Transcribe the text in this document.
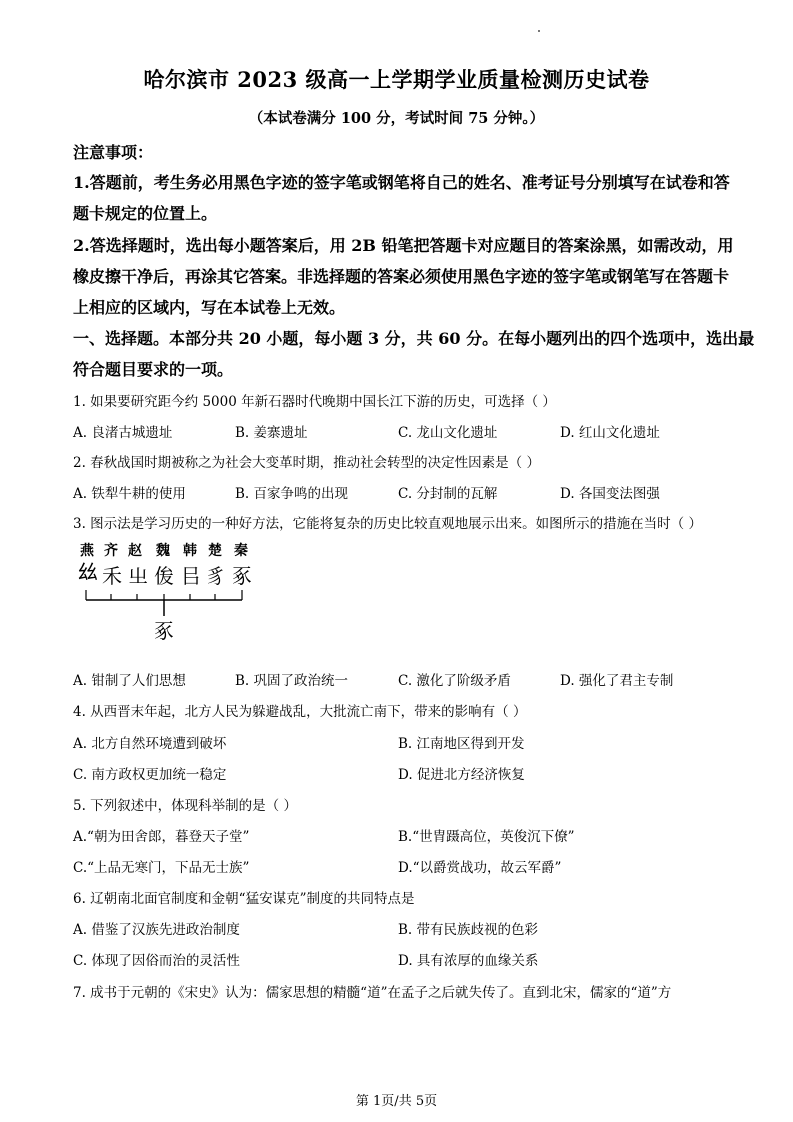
哈尔滨市 2023 级高一上学期学业质量检测历史试卷
（本试卷满分 100 分，考试时间 75 分钟。）
注意事项：
1.答题前，考生务必用黑色字迹的签字笔或钢笔将自己的姓名、准考证号分别填写在试卷和答
题卡规定的位置上。
2.答选择题时，选出每小题答案后，用 2B 铅笔把答题卡对应题目的答案涂黑，如需改动，用
橡皮擦干净后，再涂其它答案。非选择题的答案必须使用黑色字迹的签字笔或钢笔写在答题卡
上相应的区域内，写在本试卷上无效。
一、选择题。本部分共 20 小题，每小题 3 分，共 60 分。在每小题列出的四个选项中，选出最
符合题目要求的一项。
1. 如果要研究距今约 5000 年新石器时代晚期中国长江下游的历史，可选择（ ）
A. 良渚古城遗址	B. 姜寨遗址	C. 龙山文化遗址	D. 红山文化遗址
2. 春秋战国时期被称之为社会大变革时期，推动社会转型的决定性因素是（ ）
A. 铁犁牛耕的使用	B. 百家争鸣的出现	C. 分封制的瓦解	D. 各国变法图强
3. 图示法是学习历史的一种好方法，它能将复杂的历史比较直观地展示出来。如图所示的措施在当时（ ）
燕 齐 赵 魏 韩 楚 秦
𢆶 禾 㞢 㑓 㠯 豸 豖
豖
A. 钳制了人们思想	B. 巩固了政治统一	C. 激化了阶级矛盾	D. 强化了君主专制
4. 从西晋末年起，北方人民为躲避战乱，大批流亡南下，带来的影响有（ ）
A. 北方自然环境遭到破坏	B. 江南地区得到开发
C. 南方政权更加统一稳定	D. 促进北方经济恢复
5. 下列叙述中，体现科举制的是（ ）
A.“朝为田舍郎，暮登天子堂”	B.“世胄蹑高位，英俊沉下僚”
C.“上品无寒门，下品无士族”	D.“以爵赏战功，故云军爵”
6. 辽朝南北面官制度和金朝“猛安谋克”制度的共同特点是
A. 借鉴了汉族先进政治制度	B. 带有民族歧视的色彩
C. 体现了因俗而治的灵活性	D. 具有浓厚的血缘关系
7. 成书于元朝的《宋史》认为：儒家思想的精髓“道”在孟子之后就失传了。直到北宋，儒家的“道”方
第 1页/共 5页
